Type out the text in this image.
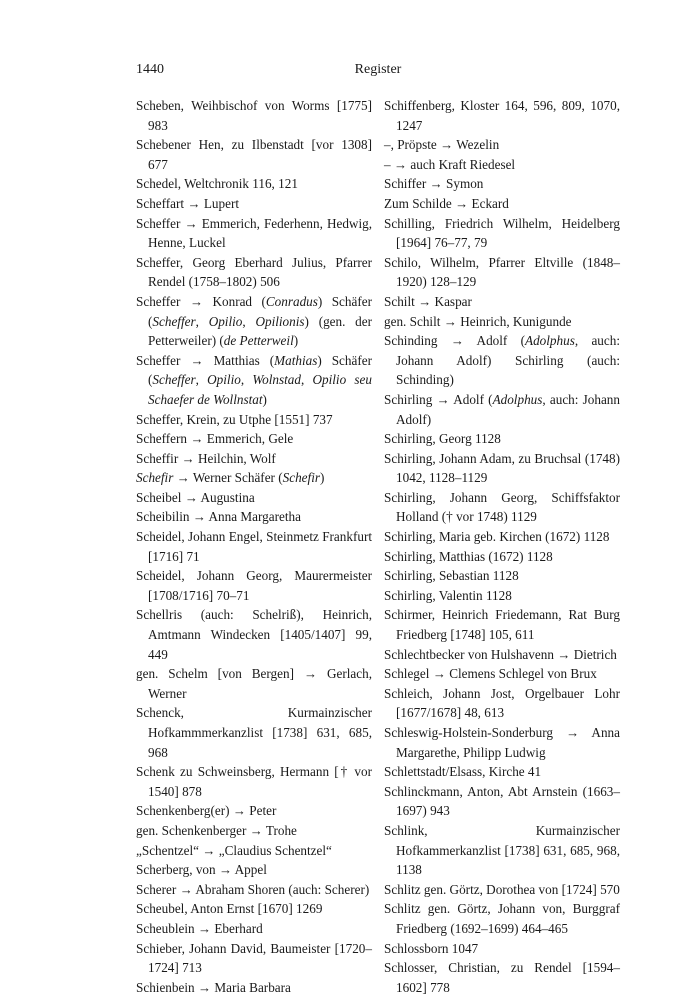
1440	Register

Scheben, Weihbischof von Worms [1775] 983

Schebener Hen, zu Ilbenstadt [vor 1308] 677

Schedel, Weltchronik 116, 121

Scheffart → Lupert

Scheffer → Emmerich, Federhenn, Hedwig, Henne, Luckel

Scheffer, Georg Eberhard Julius, Pfarrer Rendel (1758–1802) 506

Scheffer → Konrad (Conradus) Schäfer (Scheffer, Opilio, Opilionis) (gen. der Petterweiler) (de Petterweil)

Scheffer → Matthias (Mathias) Schäfer (Scheffer, Opilio, Wolnstad, Opilio seu Schaefer de Wollnstat)

Scheffer, Krein, zu Utphe [1551] 737

Scheffern → Emmerich, Gele

Scheffir → Heilchin, Wolf

Schefir → Werner Schäfer (Schefir)

Scheibel → Augustina

Scheibilin → Anna Margaretha

Scheidel, Johann Engel, Steinmetz Frankfurt [1716] 71

Scheidel, Johann Georg, Maurermeister [1708/1716] 70–71

Schellris (auch: Schelriß), Heinrich, Amtmann Windecken [1405/1407] 99, 449

gen. Schelm [von Bergen] → Gerlach, Werner

Schenck, Kurmainzischer Hofkammmerkanzlist [1738] 631, 685, 968

Schenk zu Schweinsberg, Hermann [† vor 1540] 878

Schenkenberg(er) → Peter

gen. Schenkenberger → Trohe

„Schentzel“ → „Claudius Schentzel“

Scherberg, von → Appel

Scherer → Abraham Shoren (auch: Scherer)

Scheubel, Anton Ernst [1670] 1269

Scheublein → Eberhard

Schieber, Johann David, Baumeister [1720–1724] 713

Schienbein → Maria Barbara

Schiffenberg, Kloster 164, 596, 809, 1070, 1247

–, Pröpste → Wezelin

– → auch Kraft Riedesel

Schiffer → Symon

Zum Schilde → Eckard

Schilling, Friedrich Wilhelm, Heidelberg [1964] 76–77, 79

Schilo, Wilhelm, Pfarrer Eltville (1848–1920) 128–129

Schilt → Kaspar

gen. Schilt → Heinrich, Kunigunde

Schinding → Adolf (Adolphus, auch: Johann Adolf) Schirling (auch: Schinding)

Schirling → Adolf (Adolphus, auch: Johann Adolf)

Schirling, Georg 1128

Schirling, Johann Adam, zu Bruchsal (1748) 1042, 1128–1129

Schirling, Johann Georg, Schiffsfaktor Holland († vor 1748) 1129

Schirling, Maria geb. Kirchen (1672) 1128

Schirling, Matthias (1672) 1128

Schirling, Sebastian 1128

Schirling, Valentin 1128

Schirmer, Heinrich Friedemann, Rat Burg Friedberg [1748] 105, 611

Schlechtbecker von Hulshavenn → Dietrich

Schlegel → Clemens Schlegel von Brux

Schleich, Johann Jost, Orgelbauer Lohr [1677/1678] 48, 613

Schleswig-Holstein-Sonderburg → Anna Margarethe, Philipp Ludwig

Schlettstadt/Elsass, Kirche 41

Schlinckmann, Anton, Abt Arnstein (1663–1697) 943

Schlink, Kurmainzischer Hofkammerkanzlist [1738] 631, 685, 968, 1138

Schlitz gen. Görtz, Dorothea von [1724] 570

Schlitz gen. Görtz, Johann von, Burggraf Friedberg (1692–1699) 464–465

Schlossborn 1047

Schlosser, Christian, zu Rendel [1594–1602] 778
